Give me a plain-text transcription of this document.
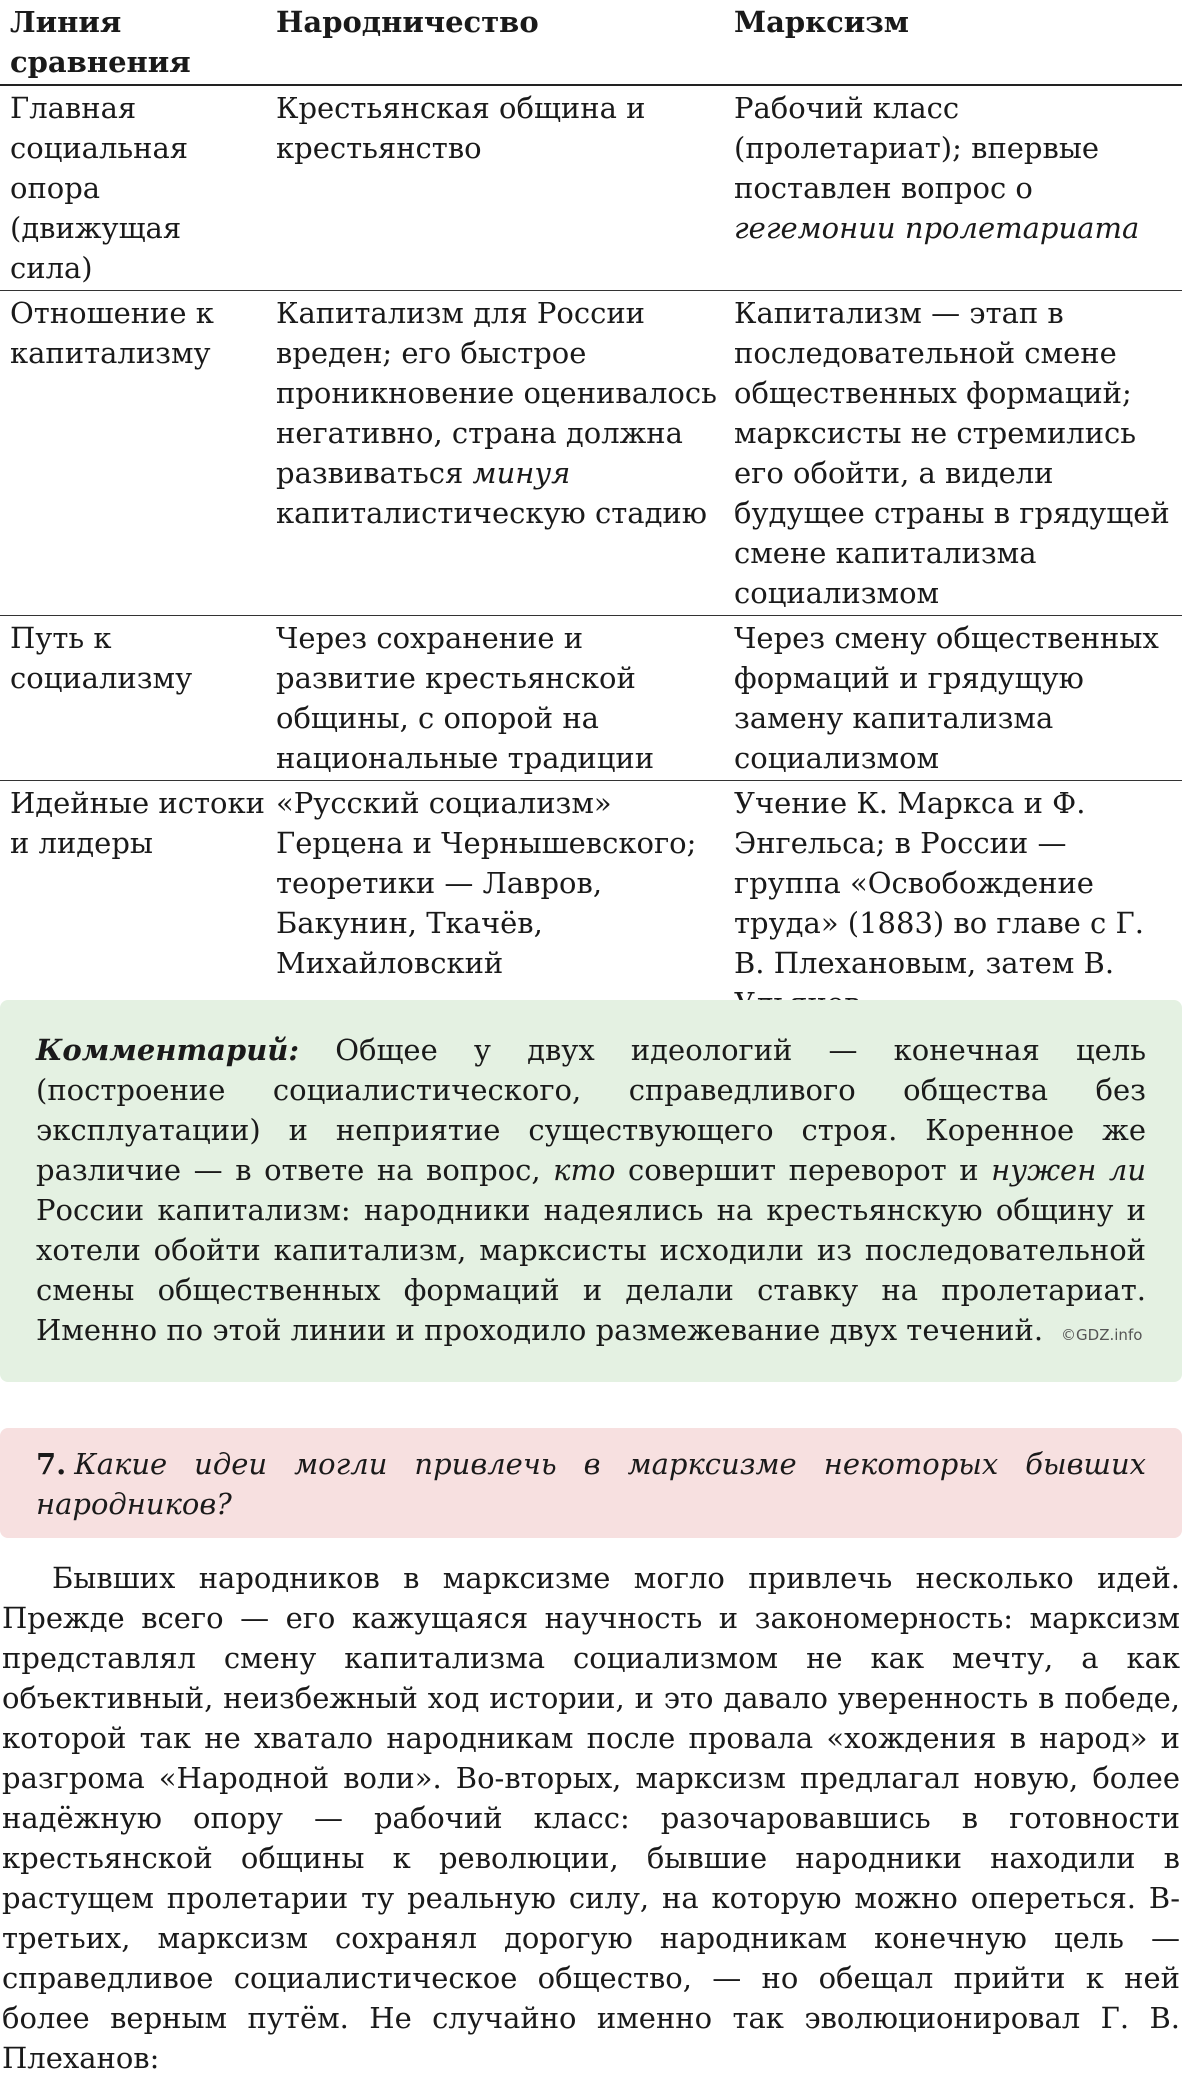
Линия сравнения	Народничество	Марксизм
Главная социальная опора (движущая сила)	Крестьянская община и крестьянство	Рабочий класс (пролетариат); впервые поставлен вопрос о гегемонии пролетариата
Отношение к капитализму	Капитализм для России вреден; его быстрое проникновение оценивалось негативно, страна должна развиваться минуя капиталистическую стадию	Капитализм — этап в последовательной смене общественных формаций; марксисты не стремились его обойти, а видели будущее страны в грядущей смене капитализма социализмом
Путь к социализму	Через сохранение и развитие крестьянской общины, с опорой на национальные традиции	Через смену общественных формаций и грядущую замену капитализма социализмом
Идейные истоки и лидеры	«Русский социализм» Герцена и Чернышевского; теоретики — Лавров, Бакунин, Ткачёв, Михайловский	Учение К. Маркса и Ф. Энгельса; в России — группа «Освобождение труда» (1883) во главе с Г. В. Плехановым, затем В.
Комментарий: Общее у двух идеологий — конечная цель (построение социалистического, справедливого общества без эксплуатации) и неприятие существующего строя. Коренное же различие — в ответе на вопрос, кто совершит переворот и нужен ли России капитализм: народники надеялись на крестьянскую общину и хотели обойти капитализм, марксисты исходили из последовательной смены общественных формаций и делали ставку на пролетариат. Именно по этой линии и проходило размежевание двух течений. ©GDZ.info
7. Какие идеи могли привлечь в марксизме некоторых бывших народников?

Бывших народников в марксизме могло привлечь несколько идей. Прежде всего — его кажущаяся научность и закономерность: марксизм представлял смену капитализма социализмом не как мечту, а как объективный, неизбежный ход истории, и это давало уверенность в победе, которой так не хватало народникам после провала «хождения в народ» и разгрома «Народной воли». Во-вторых, марксизм предлагал новую, более надёжную опору — рабочий класс: разочаровавшись в готовности крестьянской общины к революции, бывшие народники находили в растущем пролетарии ту реальную силу, на которую можно опереться. В-третьих, марксизм сохранял дорогую народникам конечную цель — справедливое социалистическое общество, — но обещал прийти к ней более верным путём. Не случайно именно так эволюционировал Г. В. Плеханов:
